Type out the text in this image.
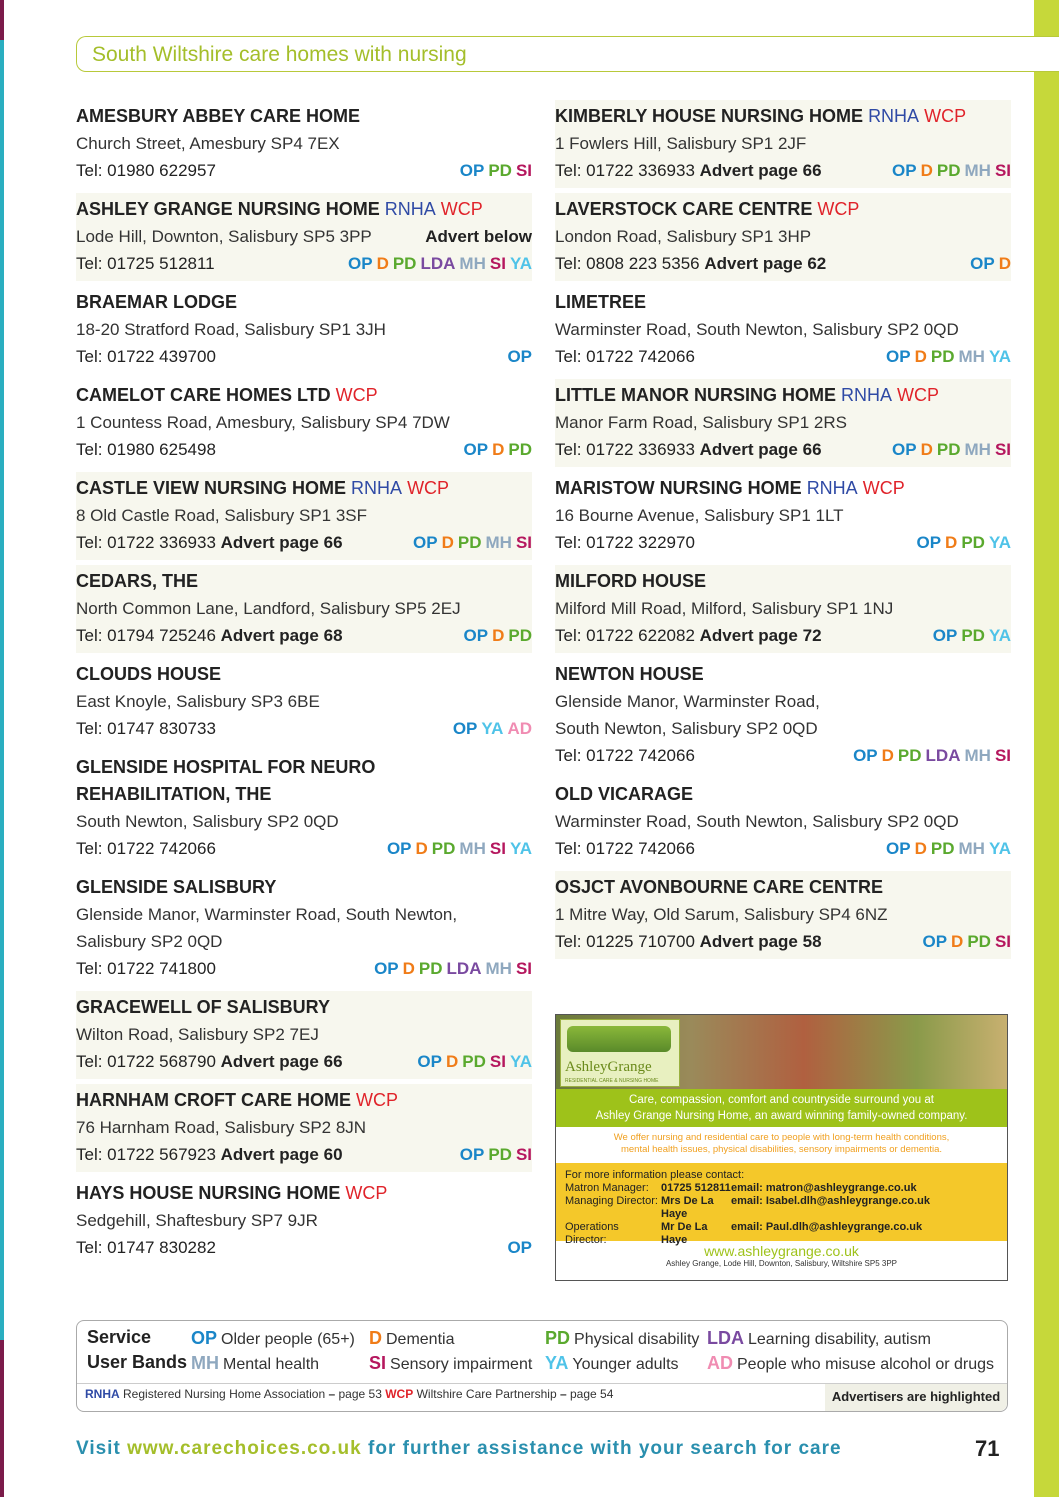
South Wiltshire care homes with nursing
AMESBURY ABBEY CARE HOME
Church Street, Amesbury SP4 7EX
Tel: 01980 622957	OP PD SI
ASHLEY GRANGE NURSING HOME RNHA WCP
Lode Hill, Downton, Salisbury SP5 3PP	Advert below
Tel: 01725 512811	OP D PD LDA MH SI YA
BRAEMAR LODGE
18-20 Stratford Road, Salisbury SP1 3JH
Tel: 01722 439700	OP
CAMELOT CARE HOMES LTD WCP
1 Countess Road, Amesbury, Salisbury SP4 7DW
Tel: 01980 625498	OP D PD
CASTLE VIEW NURSING HOME RNHA WCP
8 Old Castle Road, Salisbury SP1 3SF
Tel: 01722 336933 Advert page 66	OP D PD MH SI
CEDARS, THE
North Common Lane, Landford, Salisbury SP5 2EJ
Tel: 01794 725246 Advert page 68	OP D PD
CLOUDS HOUSE
East Knoyle, Salisbury SP3 6BE
Tel: 01747 830733	OP YA AD
GLENSIDE HOSPITAL FOR NEURO REHABILITATION, THE
South Newton, Salisbury SP2 0QD
Tel: 01722 742066	OP D PD MH SI YA
GLENSIDE SALISBURY
Glenside Manor, Warminster Road, South Newton,
Salisbury SP2 0QD
Tel: 01722 741800	OP D PD LDA MH SI
GRACEWELL OF SALISBURY
Wilton Road, Salisbury SP2 7EJ
Tel: 01722 568790 Advert page 66	OP D PD SI YA
HARNHAM CROFT CARE HOME WCP
76 Harnham Road, Salisbury SP2 8JN
Tel: 01722 567923 Advert page 60	OP PD SI
HAYS HOUSE NURSING HOME WCP
Sedgehill, Shaftesbury SP7 9JR
Tel: 01747 830282	OP
KIMBERLY HOUSE NURSING HOME RNHA WCP
1 Fowlers Hill, Salisbury SP1 2JF
Tel: 01722 336933 Advert page 66	OP D PD MH SI
LAVERSTOCK CARE CENTRE WCP
London Road, Salisbury SP1 3HP
Tel: 0808 223 5356 Advert page 62	OP D
LIMETREE
Warminster Road, South Newton, Salisbury SP2 0QD
Tel: 01722 742066	OP D PD MH YA
LITTLE MANOR NURSING HOME RNHA WCP
Manor Farm Road, Salisbury SP1 2RS
Tel: 01722 336933 Advert page 66	OP D PD MH SI
MARISTOW NURSING HOME RNHA WCP
16 Bourne Avenue, Salisbury SP1 1LT
Tel: 01722 322970	OP D PD YA
MILFORD HOUSE
Milford Mill Road, Milford, Salisbury SP1 1NJ
Tel: 01722 622082 Advert page 72	OP PD YA
NEWTON HOUSE
Glenside Manor, Warminster Road,
South Newton, Salisbury SP2 0QD
Tel: 01722 742066	OP D PD LDA MH SI
OLD VICARAGE
Warminster Road, South Newton, Salisbury SP2 0QD
Tel: 01722 742066	OP D PD MH YA
OSJCT AVONBOURNE CARE CENTRE
1 Mitre Way, Old Sarum, Salisbury SP4 6NZ
Tel: 01225 710700 Advert page 58	OP D PD SI
AshleyGrange
RESIDENTIAL CARE & NURSING HOME
Care, compassion, comfort and countryside surround you at
Ashley Grange Nursing Home, an award winning family-owned company.
We offer nursing and residential care to people with long-term health conditions,
mental health issues, physical disabilities, sensory impairments or dementia.
For more information please contact:
Matron Manager:	01725 512811 email: matron@ashleygrange.co.uk
Managing Director: Mrs De La Haye
email: Isabel.dlh@ashleygrange.co.uk
Operations Director:
Mr De La Haye
email: Paul.dlh@ashleygrange.co.uk
www.ashleygrange.co.uk
Ashley Grange, Lode Hill, Downton, Salisbury, Wiltshire SP5 3PP
Service
User Bands
OP Older people (65+) D Dementia	PD Physical disability LDA Learning disability, autism
MH Mental health	SI Sensory impairment YA Younger adults AD People who misuse alcohol or drugs
RNHA Registered Nursing Home Association – page 53 WCP Wiltshire Care Partnership – page 54	Advertisers are highlighted
Visit www.carechoices.co.uk for further assistance with your search for care	71
